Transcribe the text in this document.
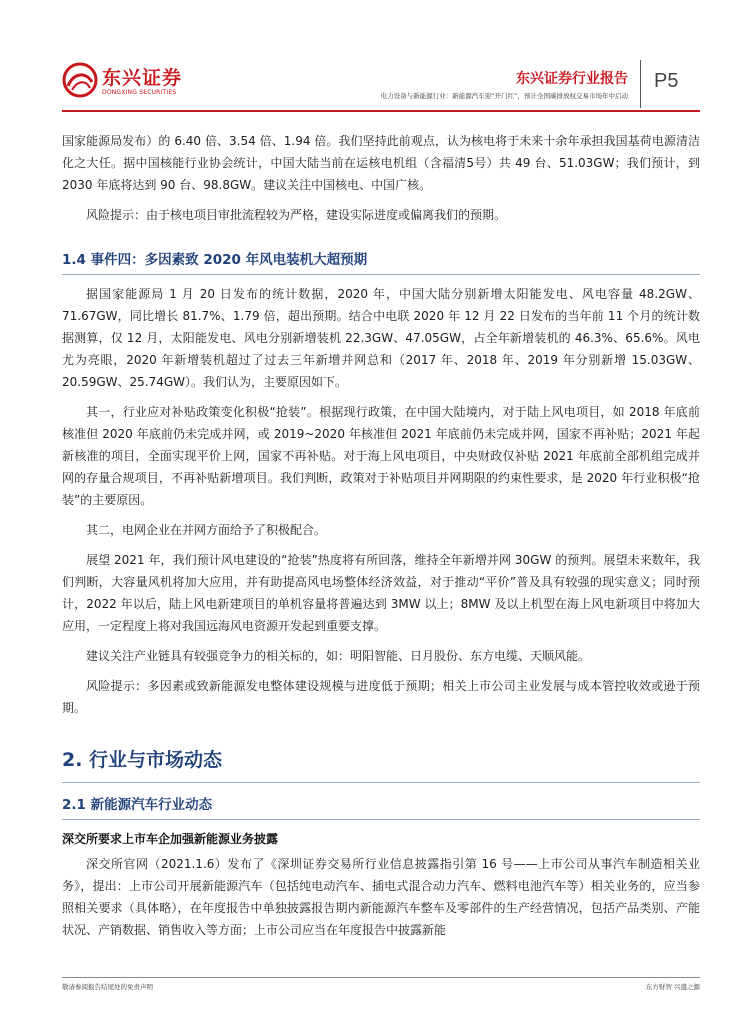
东兴证券
DONGXING SECURITIES
东兴证券行业报告
电力设备与新能源行业：新能源汽车迎“开门红”，预计全国碳排放权交易市场年中启动
P5

国家能源局发布）的 6.40 倍、3.54 倍、1.94 倍。我们坚持此前观点，认为核电将于未来十余年承担我国基荷电源清洁化之大任。据中国核能行业协会统计，中国大陆当前在运核电机组（含福清5号）共 49 台、51.03GW；我们预计，到 2030 年底将达到 90 台、98.8GW。建议关注中国核电、中国广核。

风险提示：由于核电项目审批流程较为严格，建设实际进度或偏离我们的预期。

1.4 事件四：多因素致 2020 年风电装机大超预期

据国家能源局 1 月 20 日发布的统计数据，2020 年，中国大陆分别新增太阳能发电、风电容量 48.2GW、71.67GW，同比增长 81.7%、1.79 倍，超出预期。结合中电联 2020 年 12 月 22 日发布的当年前 11 个月的统计数据测算，仅 12 月，太阳能发电、风电分别新增装机 22.3GW、47.05GW，占全年新增装机的 46.3%、65.6%。风电尤为亮眼，2020 年新增装机超过了过去三年新增并网总和（2017 年、2018 年、2019 年分别新增 15.03GW、20.59GW、25.74GW）。我们认为，主要原因如下。

其一，行业应对补贴政策变化积极“抢装”。根据现行政策，在中国大陆境内，对于陆上风电项目，如 2018 年底前核准但 2020 年底前仍未完成并网，或 2019~2020 年核准但 2021 年底前仍未完成并网，国家不再补贴；2021 年起新核准的项目，全面实现平价上网，国家不再补贴。对于海上风电项目，中央财政仅补贴 2021 年底前全部机组完成并网的存量合规项目，不再补贴新增项目。我们判断，政策对于补贴项目并网期限的约束性要求，是 2020 年行业积极“抢装”的主要原因。

其二，电网企业在并网方面给予了积极配合。

展望 2021 年，我们预计风电建设的“抢装”热度将有所回落，维持全年新增并网 30GW 的预判。展望未来数年，我们判断，大容量风机将加大应用，并有助提高风电场整体经济效益，对于推动“平价”普及具有较强的现实意义；同时预计，2022 年以后，陆上风电新建项目的单机容量将普遍达到 3MW 以上；8MW 及以上机型在海上风电新项目中将加大应用，一定程度上将对我国远海风电资源开发起到重要支撑。

建议关注产业链具有较强竞争力的相关标的，如：明阳智能、日月股份、东方电缆、天顺风能。

风险提示：多因素或致新能源发电整体建设规模与进度低于预期；相关上市公司主业发展与成本管控收效或逊于预期。

2. 行业与市场动态
2.1 新能源汽车行业动态
深交所要求上市车企加强新能源业务披露

深交所官网（2021.1.6）发布了《深圳证券交易所行业信息披露指引第 16 号——上市公司从事汽车制造相关业务》，提出：上市公司开展新能源汽车（包括纯电动汽车、插电式混合动力汽车、燃料电池汽车等）相关业务的，应当参照相关要求（具体略），在年度报告中单独披露报告期内新能源汽车整车及零部件的生产经营情况，包括产品类别、产能状况、产销数据、销售收入等方面；上市公司应当在年度报告中披露新能

敬请参阅报告结尾处的免责声明	东方财智 兴盛之源
